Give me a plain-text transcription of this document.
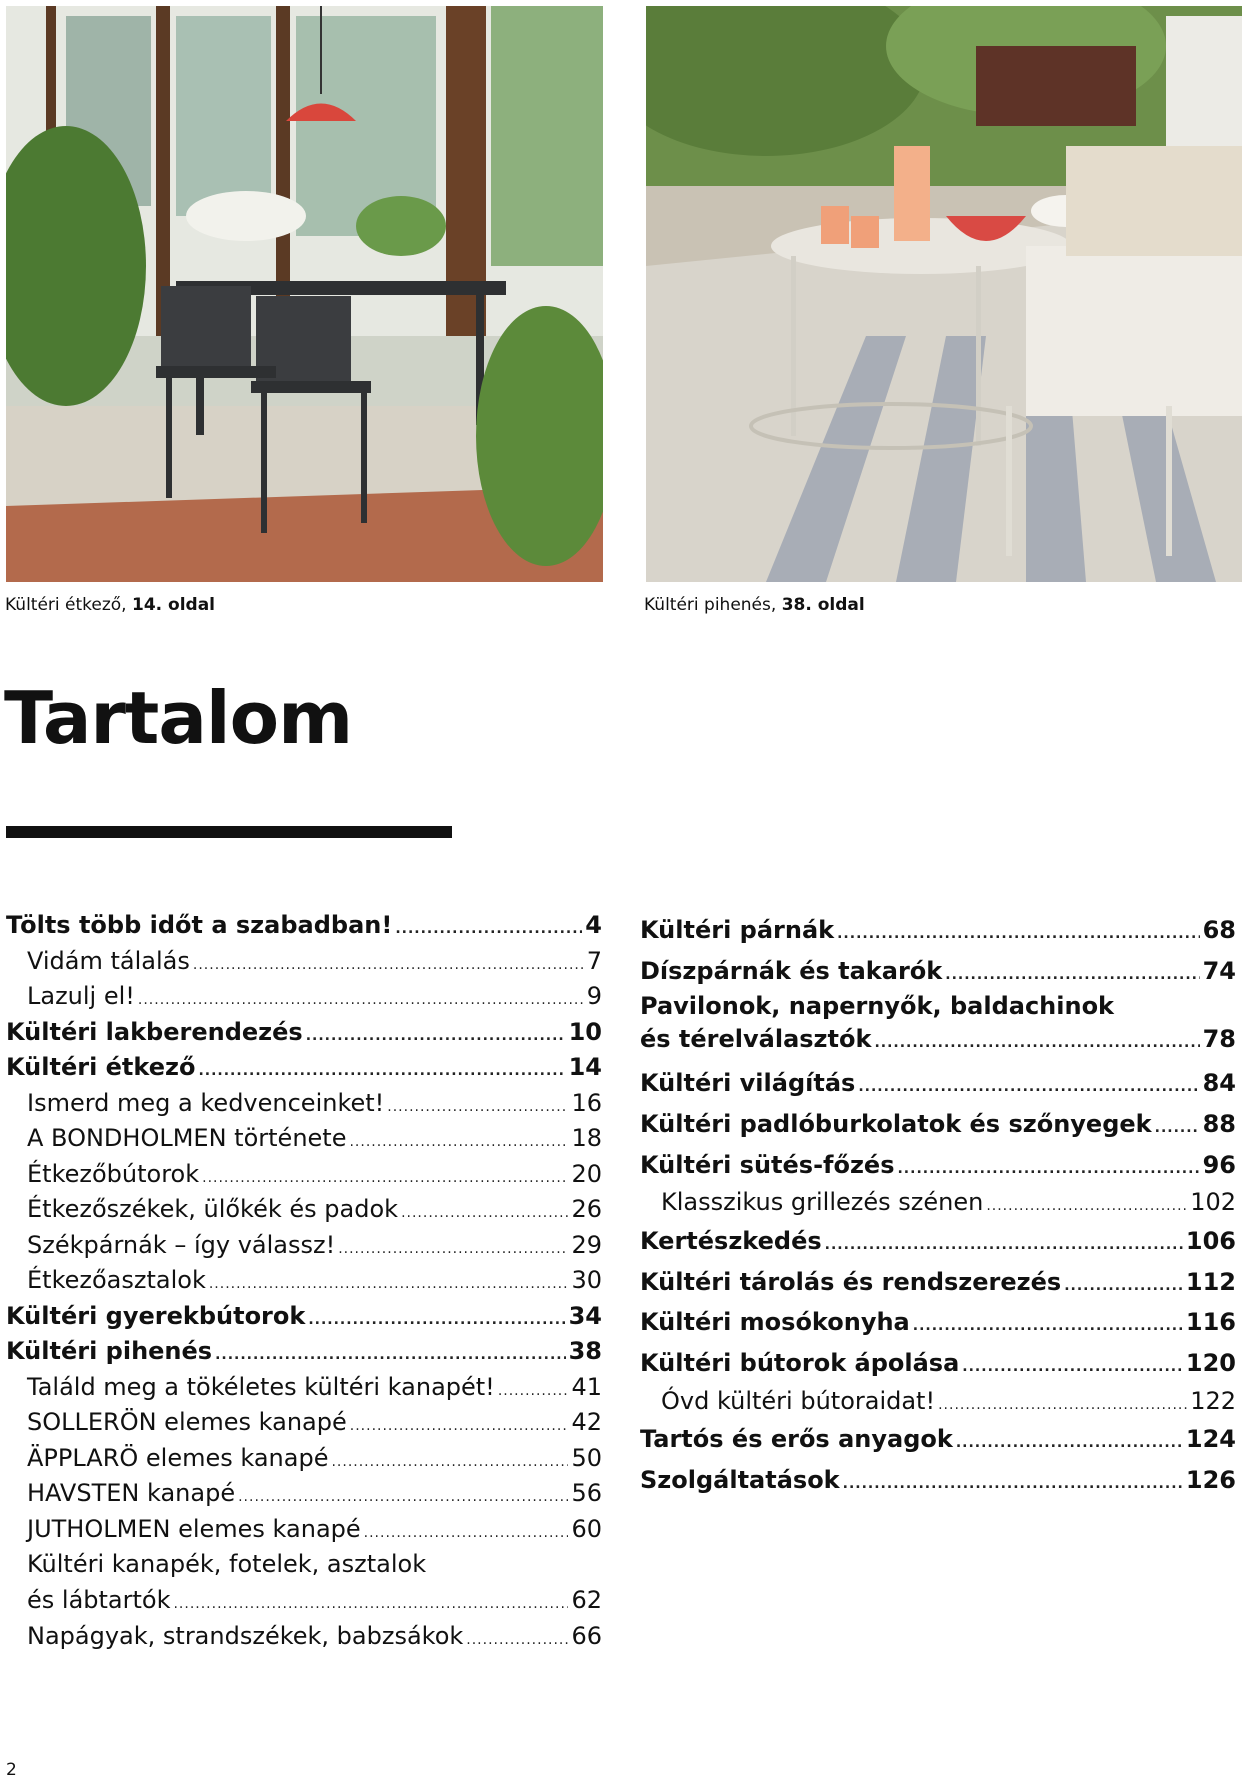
Kültéri étkező, 14. oldal	Kültéri pihenés, 38. oldal
Tartalom
Tölts több időt a szabadban! .....	4
Vidám tálalás .....	7
Lazulj el! .....	9
Kültéri lakberendezés .....	10
Kültéri étkező .....	14
Ismerd meg a kedvenceinket! .....	16
A BONDHOLMEN története .....	18
Étkezőbútorok .....	20
Étkezőszékek, ülőkék és padok .....	26
Székpárnák – így válassz! .....	29
Étkezőasztalok .....	30
Kültéri gyerekbútorok .....	34
Kültéri pihenés .....	38
Találd meg a tökéletes kültéri kanapét! .....	41
SOLLERÖN elemes kanapé .....	42
ÄPPLARÖ elemes kanapé .....	50
HAVSTEN kanapé .....	56
JUTHOLMEN elemes kanapé .....	60
Kültéri kanapék, fotelek, asztalok
és lábtartók .....	62
Napágyak, strandszékek, babzsákok .....	66
Kültéri párnák .....	68
Díszpárnák és takarók .....	74
Pavilonok, napernyők, baldachinok
és térelválasztók .....	78
Kültéri világítás .....	84
Kültéri padlóburkolatok és szőnyegek ..... 88
Kültéri sütés-főzés .....	96
Klasszikus grillezés szénen .....	102
Kertészkedés .....	106
Kültéri tárolás és rendszerezés .....	112
Kültéri mosókonyha .....	116
Kültéri bútorok ápolása .....	120
Óvd kültéri bútoraidat! .....	122
Tartós és erős anyagok .....	124
Szolgáltatások .....	126
2
